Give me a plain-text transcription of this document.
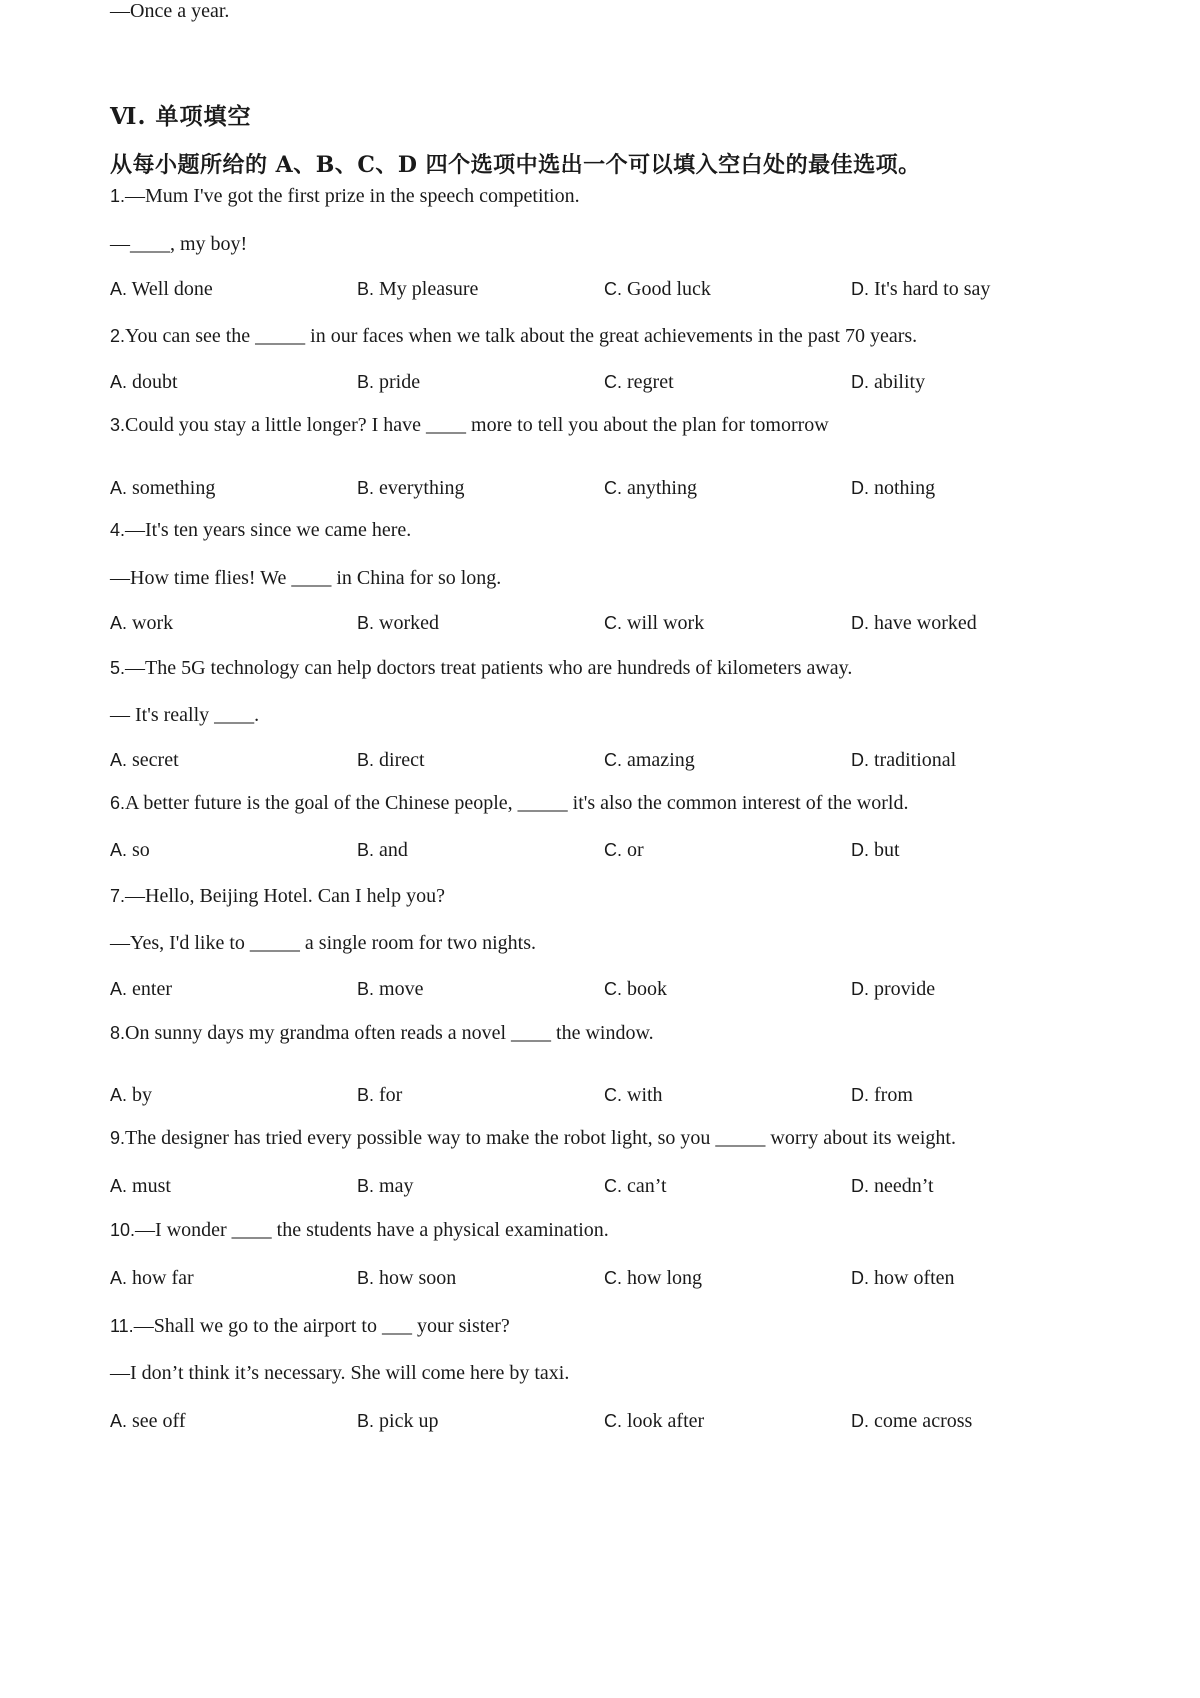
Ⅵ. 单项填空
从每小题所给的 A、B、C、D 四个选项中选出一个可以填入空白处的最佳选项。
1.—Mum I've got the first prize in the speech competition.
—____, my boy!
A. Well done	B. My pleasure	C. Good luck	D. It's hard to say
2.You can see the _____ in our faces when we talk about the great achievements in the past 70 years.
A. doubt	B. pride	C. regret	D. ability
3.Could you stay a little longer? I have ____ more to tell you about the plan for tomorrow
A. something	B. everything	C. anything	D. nothing
4.—It's ten years since we came here.
—How time flies! We ____ in China for so long.
A. work	B. worked	C. will work	D. have worked
5.—The 5G technology can help doctors treat patients who are hundreds of kilometers away.
— It's really ____.
A. secret	B. direct	C. amazing	D. traditional
6.A better future is the goal of the Chinese people, _____ it's also the common interest of the world.
A. so	B. and	C. or	D. but
7.—Hello, Beijing Hotel. Can I help you?
—Yes, I'd like to _____ a single room for two nights.
A. enter	B. move	C. book	D. provide
8.On sunny days my grandma often reads a novel ____ the window.
A. by	B. for	C. with	D. from
9.The designer has tried every possible way to make the robot light, so you _____ worry about its weight.
A. must	B. may	C. can’t	D. needn’t
10.—I wonder ____ the students have a physical examination.
—Once a year.
A. how far	B. how soon	C. how long	D. how often
11.—Shall we go to the airport to ___ your sister?
—I don’t think it’s necessary. She will come here by taxi.
A. see off	B. pick up	C. look after	D. come across
